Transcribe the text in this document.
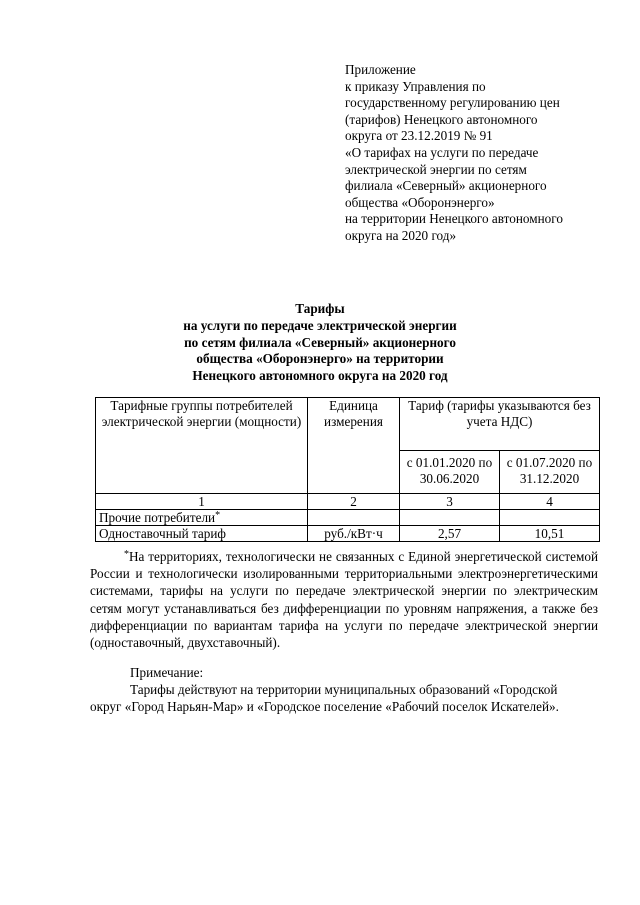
Приложение
к приказу Управления по
государственному регулированию цен
(тарифов) Ненецкого автономного
округа от 23.12.2019 № 91
«О тарифах на услуги по передаче
электрической энергии по сетям
филиала «Северный» акционерного
общества «Оборонэнерго»
на территории Ненецкого автономного
округа на 2020 год»
Тарифы
на услуги по передаче электрической энергии
по сетям филиала «Северный» акционерного
общества «Оборонэнерго» на территории
Ненецкого автономного округа на 2020 год
Тарифные группы потребителей электрической энергии (мощности)	Единица измерения	Тариф (тарифы указываются без учета НДС)	
		с 01.01.2020 по 30.06.2020	с 01.07.2020 по 31.12.2020
1	2	3	4
Прочие потребители*			
Одноставочный тариф	руб./кВт·ч	2,57	10,51

*На территориях, технологически не связанных с Единой энергетической системой России и технологически изолированными территориальными электроэнергетическими системами, тарифы на услуги по передаче электрической энергии по электрическим сетям могут устанавливаться без дифференциации по уровням напряжения, а также без дифференциации по вариантам тарифа на услуги по передаче электрической энергии (одноставочный, двухставочный).

Примечание:
Тарифы действуют на территории муниципальных образований «Городской
округ «Город Нарьян-Мар» и «Городское поселение «Рабочий поселок Искателей».
